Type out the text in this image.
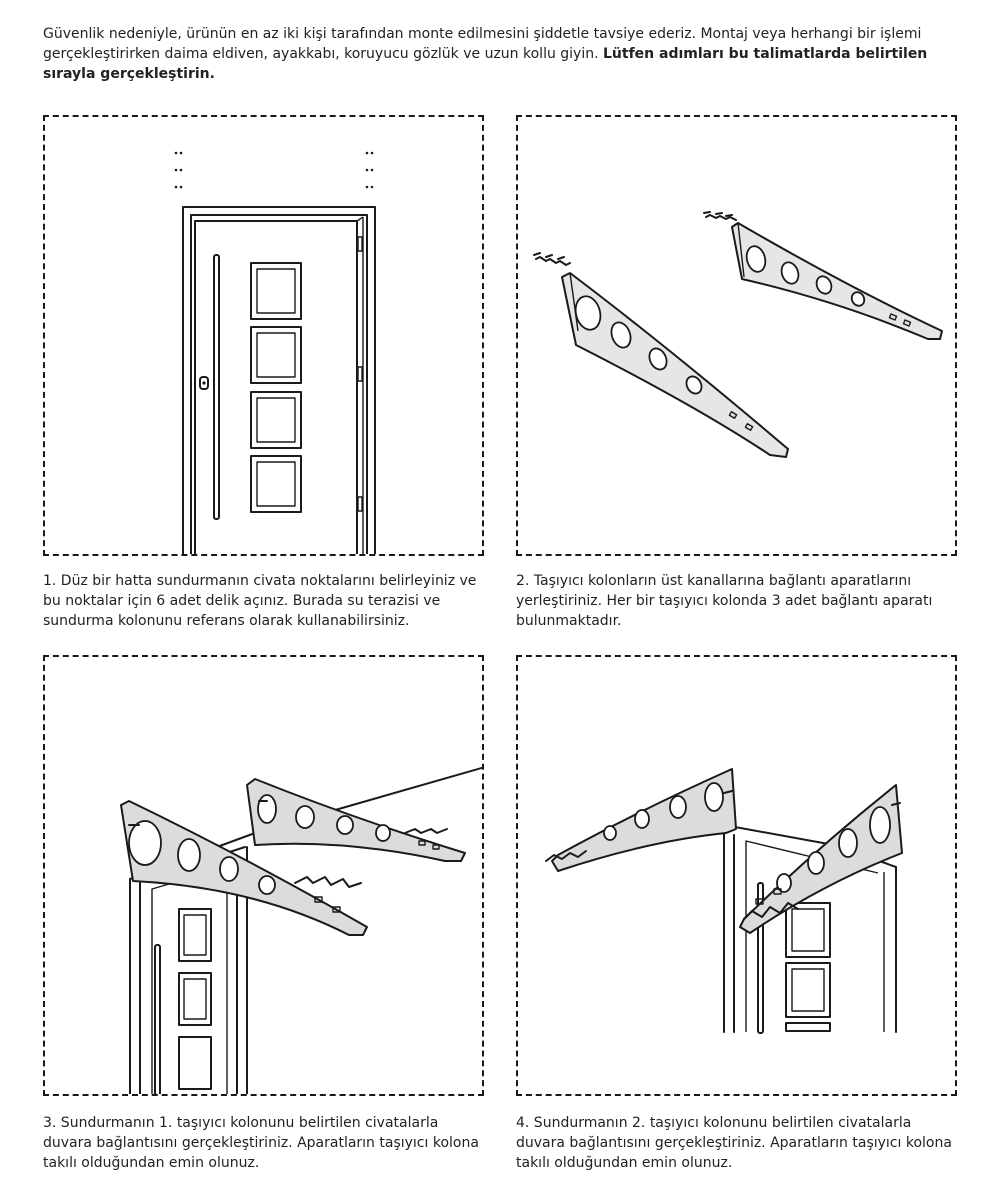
Güvenlik nedeniyle, ürünün en az iki kişi tarafından monte edilmesini şiddetle tavsiye ederiz. Montaj veya herhangi bir işlemi gerçekleştirirken daima eldiven, ayakkabı, koruyucu gözlük ve uzun kollu giyin. Lütfen adımları bu talimatlarda belirtilen sırayla gerçekleştirin.
1. Düz bir hatta sundurmanın civata noktalarını belirleyiniz ve bu noktalar için 6 adet delik açınız. Burada su terazisi ve sundurma kolonunu referans olarak kullanabilirsiniz.
2. Taşıyıcı kolonların üst kanallarına bağlantı aparatlarını yerleştiriniz. Her bir taşıyıcı kolonda 3 adet bağlantı aparatı bulunmaktadır.
3. Sundurmanın 1. taşıyıcı kolonunu belirtilen civatalarla duvara bağlantısını gerçekleştiriniz. Aparatların taşıyıcı kolona takılı olduğundan emin olunuz.
4. Sundurmanın 2. taşıyıcı kolonunu belirtilen civatalarla duvara bağlantısını gerçekleştiriniz. Aparatların taşıyıcı kolona takılı olduğundan emin olunuz.
